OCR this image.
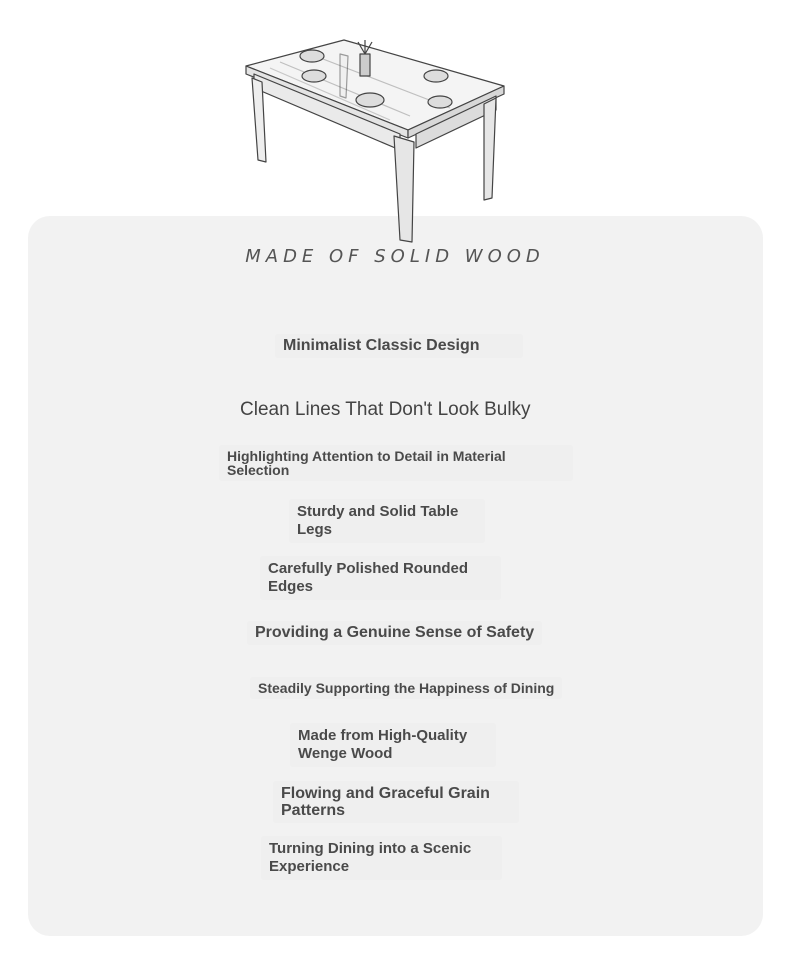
MADE OF SOLID WOOD
Minimalist Classic Design
Clean Lines That Don't Look Bulky
Highlighting Attention to Detail in Material Selection
Sturdy and Solid Table Legs
Carefully Polished Rounded Edges
Providing a Genuine Sense of Safety
Steadily Supporting the Happiness of Dining
Made from High-Quality Wenge Wood
Flowing and Graceful Grain Patterns
Turning Dining into a Scenic Experience
